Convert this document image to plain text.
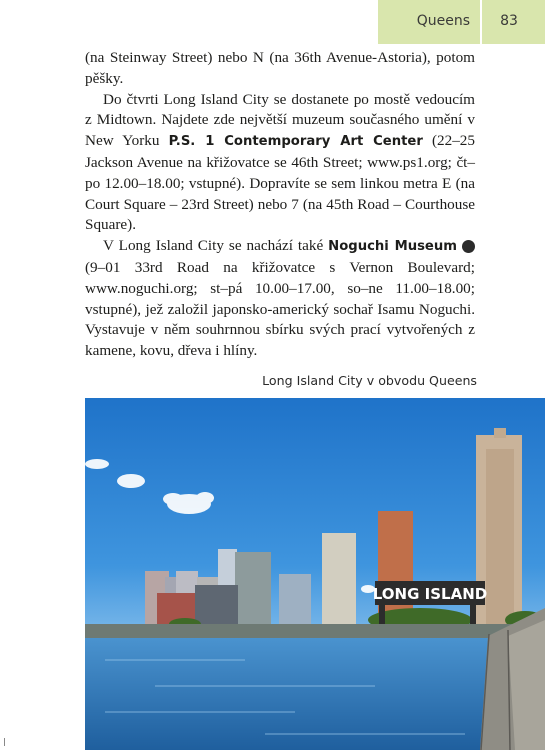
Queens	83

(na Steinway Street) nebo N (na 36th Avenue-Astoria), potom pěšky.

Do čtvrti Long Island City se dostanete po mostě vedoucím z Midtown. Najdete zde největší muzeum současného umění v New Yorku P.S. 1 Contemporary Art Center (22–25 Jackson Avenue na křižovatce se 46th Street; www.ps1.org; čt–po 12.00–18.00; vstupné). Dopravíte se sem linkou metra E (na Court Square – 23rd Street) nebo 7 (na 45th Road – Courthouse Square).

V Long Island City se nachází také Noguchi Museum	38 (9–01 33rd Road na křižovatce s Vernon Boulevard; www.noguchi.org; st–pá 10.00–17.00, so–ne 11.00–18.00; vstupné), jež založil japonsko-americký sochař Isamu Noguchi. Vystavuje v něm souhrnnou sbírku svých prací vytvořených z kamene, kovu, dřeva i hlíny.

Long Island City v obvodu Queens
LONG ISLAND
